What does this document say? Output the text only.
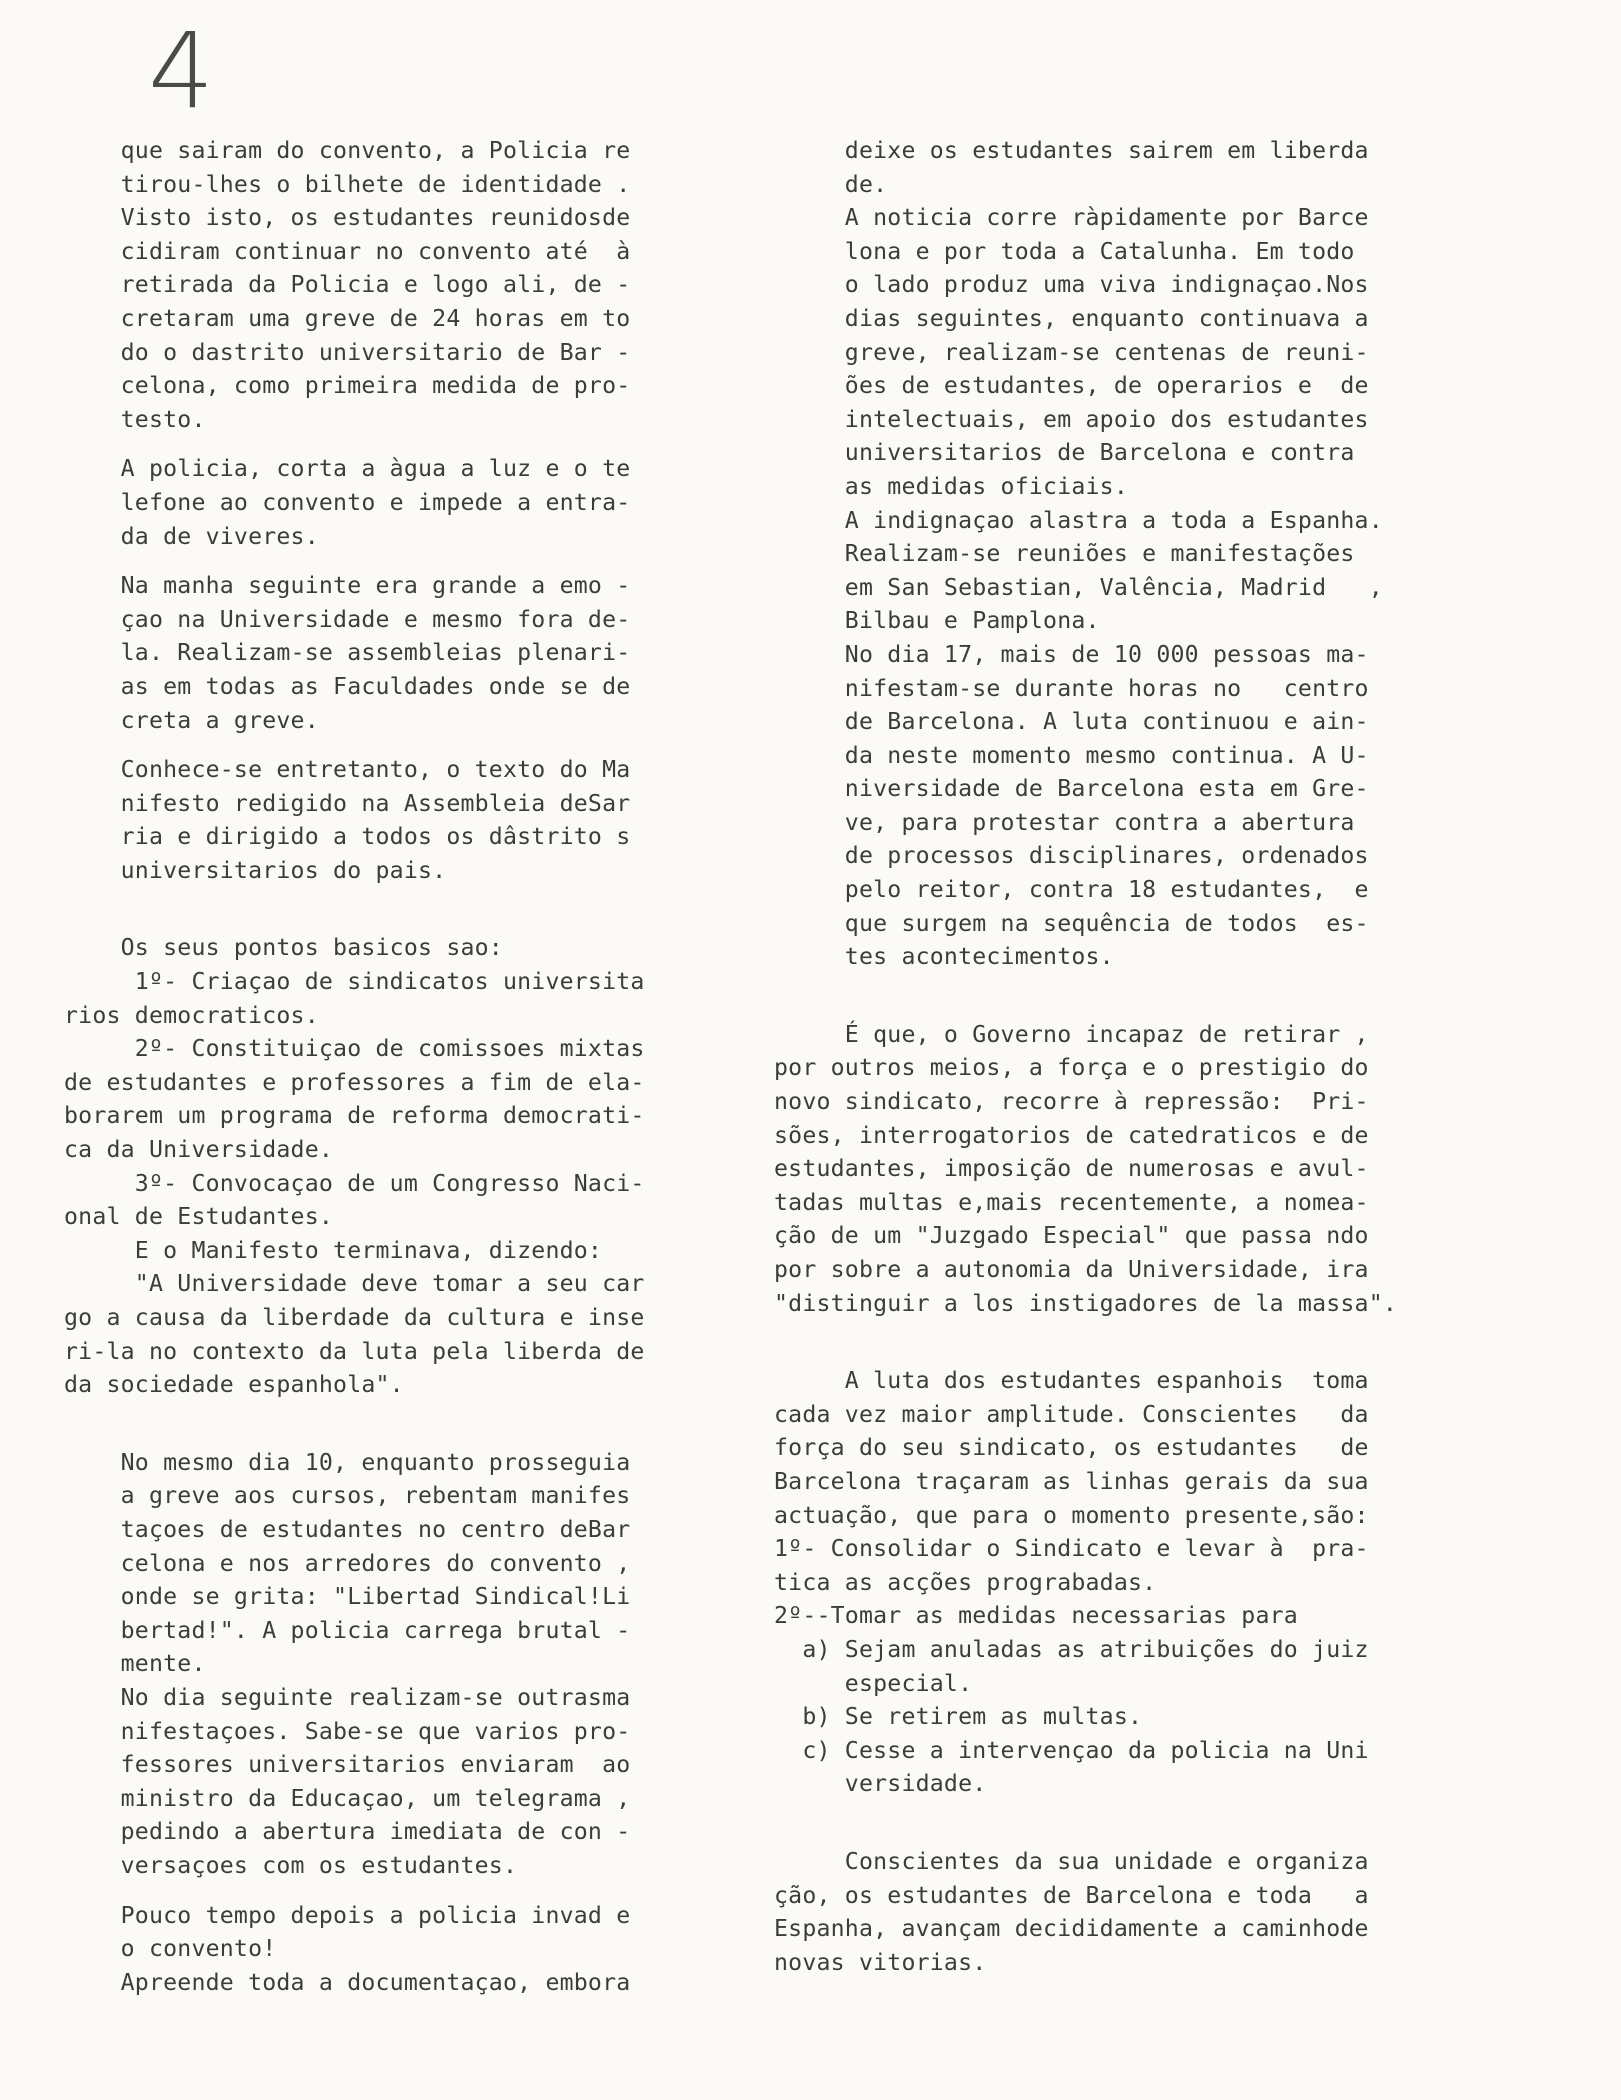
4
que sairam do convento, a Policia re
tirou-lhes o bilhete de identidade .
Visto isto, os estudantes reunidosde
cidiram continuar no convento até  à
retirada da Policia e logo ali, de -
cretaram uma greve de 24 horas em to
do o dastrito universitario de Bar -
celona, como primeira medida de pro-
testo.
A policia, corta a àgua a luz e o te
lefone ao convento e impede a entra-
da de viveres.
Na manha seguinte era grande a emo -
çao na Universidade e mesmo fora de-
la. Realizam-se assembleias plenari-
as em todas as Faculdades onde se de
creta a greve.
Conhece-se entretanto, o texto do Ma
nifesto redigido na Assembleia deSar
ria e dirigido a todos os dâstrito s
universitarios do pais.
Os seus pontos basicos sao:
1º- Criaçao de sindicatos universita
rios democraticos.
2º- Constituiçao de comissoes mixtas
de estudantes e professores a fim de ela-
borarem um programa de reforma democrati-
ca da Universidade.
3º- Convocaçao de um Congresso Naci-
onal de Estudantes.
E o Manifesto terminava, dizendo:
"A Universidade deve tomar a seu car
go a causa da liberdade da cultura e inse
ri-la no contexto da luta pela liberda de
da sociedade espanhola".
No mesmo dia 10, enquanto prosseguia
a greve aos cursos, rebentam manifes
taçoes de estudantes no centro deBar
celona e nos arredores do convento ,
onde se grita: "Libertad Sindical!Li
bertad!". A policia carrega brutal -
mente.
No dia seguinte realizam-se outrasma
nifestaçoes. Sabe-se que varios pro-
fessores universitarios enviaram  ao
ministro da Educaçao, um telegrama ,
pedindo a abertura imediata de con -
versaçoes com os estudantes.
Pouco tempo depois a policia invad e
o convento!
Apreende toda a documentaçao, embora
deixe os estudantes sairem em liberda
de.
A noticia corre ràpidamente por Barce
lona e por toda a Catalunha. Em todo
o lado produz uma viva indignaçao.Nos
dias seguintes, enquanto continuava a
greve, realizam-se centenas de reuni-
ões de estudantes, de operarios e  de
intelectuais, em apoio dos estudantes
universitarios de Barcelona e contra
as medidas oficiais.
A indignaçao alastra a toda a Espanha.
Realizam-se reuniões e manifestações
em San Sebastian, Valência, Madrid   ,
Bilbau e Pamplona.
No dia 17, mais de 10 000 pessoas ma-
nifestam-se durante horas no   centro
de Barcelona. A luta continuou e ain-
da neste momento mesmo continua. A U-
niversidade de Barcelona esta em Gre-
ve, para protestar contra a abertura
de processos disciplinares, ordenados
pelo reitor, contra 18 estudantes,  e
que surgem na sequência de todos  es-
tes acontecimentos.
É que, o Governo incapaz de retirar ,
por outros meios, a força e o prestigio do
novo sindicato, recorre à repressão:  Pri-
sões, interrogatorios de catedraticos e de
estudantes, imposição de numerosas e avul-
tadas multas e,mais recentemente, a nomea-
ção de um "Juzgado Especial" que passa ndo
por sobre a autonomia da Universidade, ira
"distinguir a los instigadores de la massa".
A luta dos estudantes espanhois  toma
cada vez maior amplitude. Conscientes   da
força do seu sindicato, os estudantes   de
Barcelona traçaram as linhas gerais da sua
actuação, que para o momento presente,são:
1º- Consolidar o Sindicato e levar à  pra-
tica as acções prograbadas.
2º--Tomar as medidas necessarias para
a) Sejam anuladas as atribuições do juiz
especial.
b) Se retirem as multas.
c) Cesse a intervençao da policia na Uni
versidade.
Conscientes da sua unidade e organiza
ção, os estudantes de Barcelona e toda   a
Espanha, avançam decididamente a caminhode
novas vitorias.
